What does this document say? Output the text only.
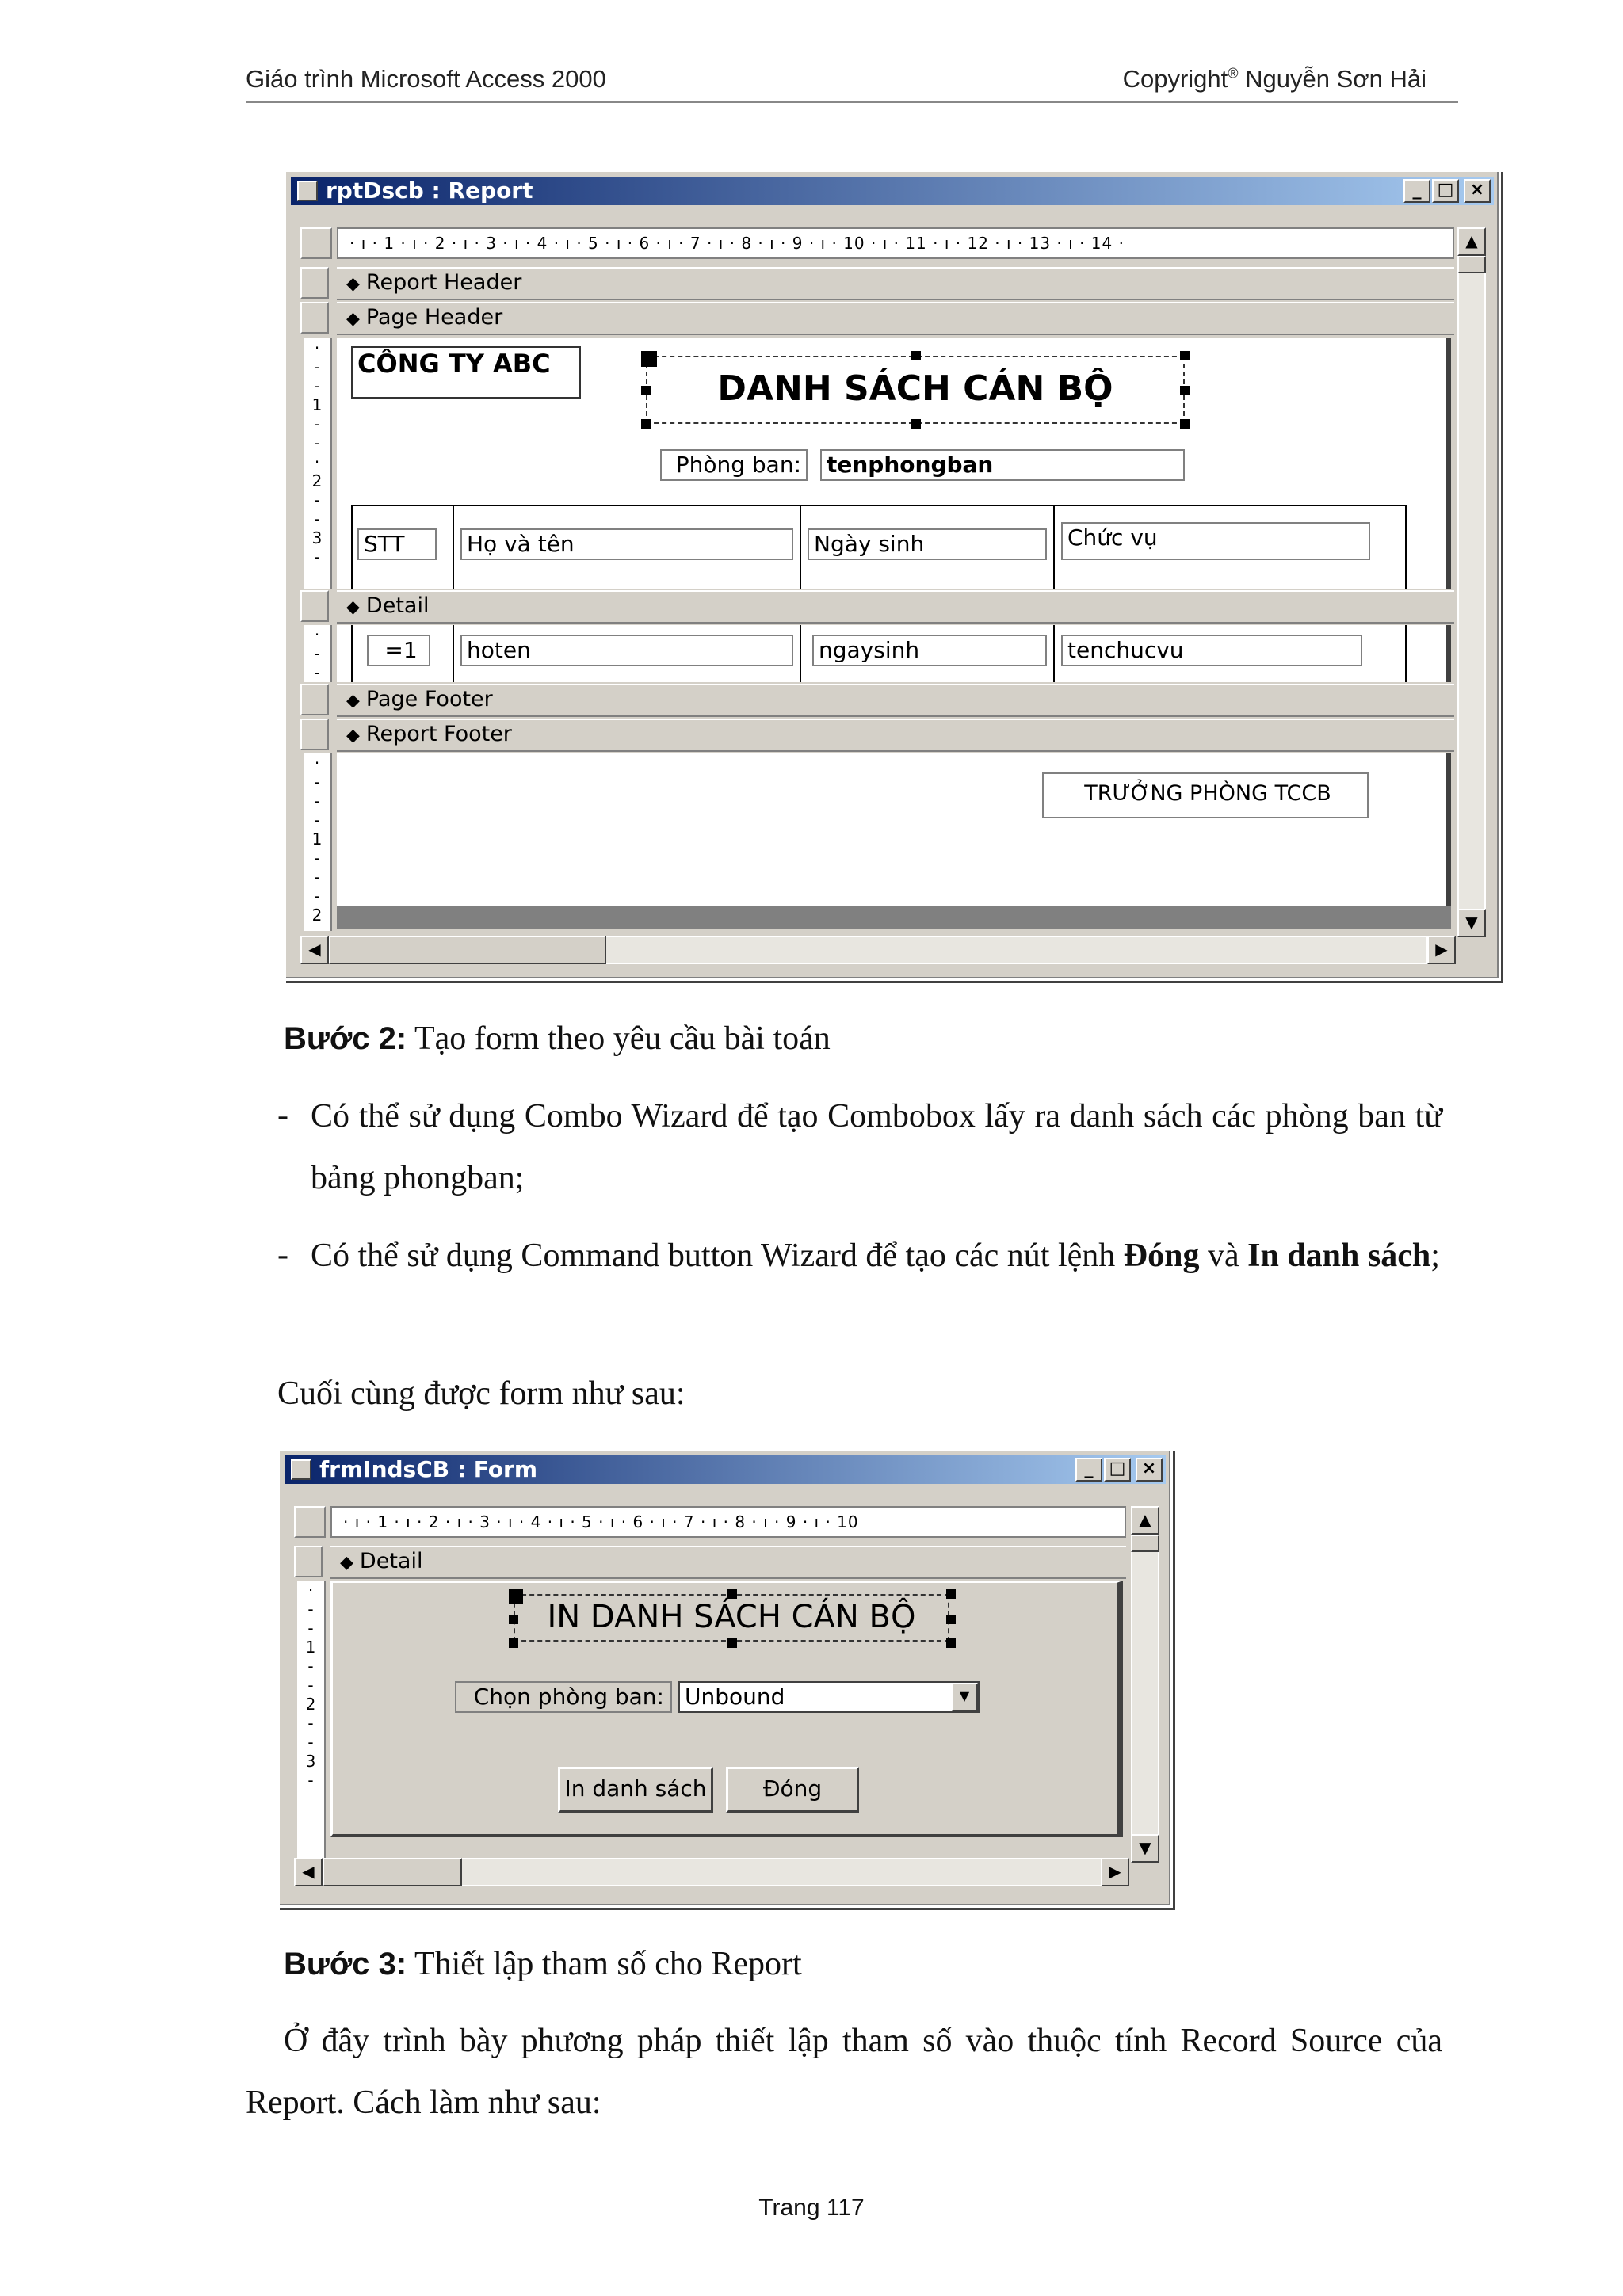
Giáo trình Microsoft Access 2000	Copyright® Nguyễn Sơn Hải
rptDscb : Report	_ □ ×
· ı · 1 · ı · 2 · ı · 3 · ı · 4 · ı · 5 · ı · 6 · ı · 7 · ı · 8 · ı · 9 · ı · 10 · ı · 11 · ı · 12 · ı · 13 · ı · 14 ·	▲
▼
◆ Report Header
◆ Page Header
·
-
-
1
-
-
·
2
-
-
3
-
CÔNG TY ABC
DANH SÁCH CÁN BỘ
Phòng ban: tenphongban
STT	Họ và tên	Ngày sinh	Chức vụ
◆ Detail
·
-
-
=1	hoten	ngaysinh	tenchucvu
◆ Page Footer
◆ Report Footer
·
-
-
-
1
-
-
-
2
TRƯỞNG PHÒNG TCCB
◀	▶

Bước 2: Tạo form theo yêu cầu bài toán

- Có thể sử dụng Combo Wizard để tạo Combobox lấy ra danh sách các phòng ban từ bảng phongban;

- Có thể sử dụng Command button Wizard để tạo các nút lệnh Đóng và In danh sách;

Cuối cùng được form như sau:

frmIndsCB : Form	_ □ ×
· ı · 1 · ı · 2 · ı · 3 · ı · 4 · ı · 5 · ı · 6 · ı · 7 · ı · 8 · ı · 9 · ı · 10	▲
▼
◆ Detail
·
-
-
1
-
-
2
-
-
3
-
IN DANH SÁCH CÁN BỘ
Chọn phòng ban: Unbound	▼
In danh sách	Đóng
◀	▶

Bước 3: Thiết lập tham số cho Report

Ở đây trình bày phương pháp thiết lập tham số vào thuộc tính Record Source của Report. Cách làm như sau:

Trang 117
